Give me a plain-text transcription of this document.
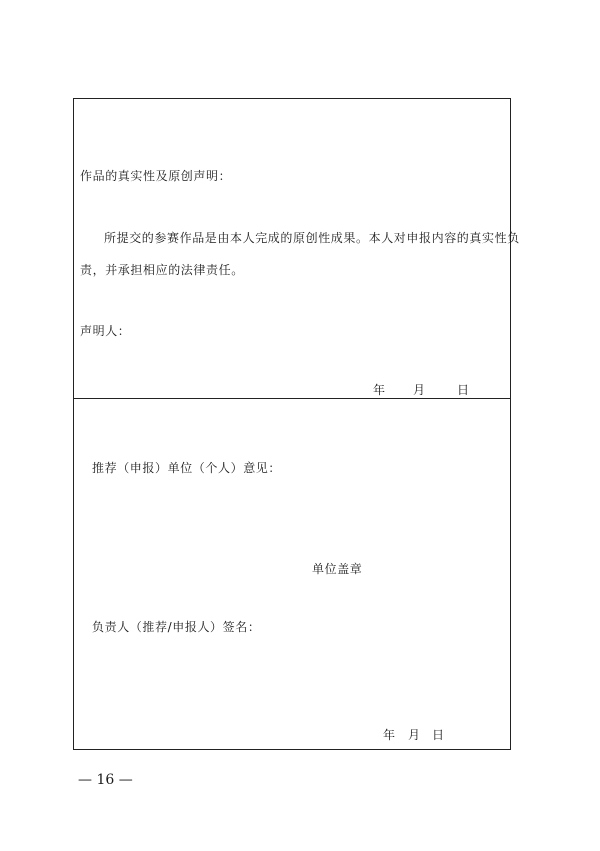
作品的真实性及原创声明：
所提交的参赛作品是由本人完成的原创性成果。本人对申报内容的真实性负
责，并承担相应的法律责任。
声明人：
年 月	日
推荐（申报）单位（个人）意见：
单位盖章
负责人（推荐/申报人）签名：
年 月 日
— 16 —
